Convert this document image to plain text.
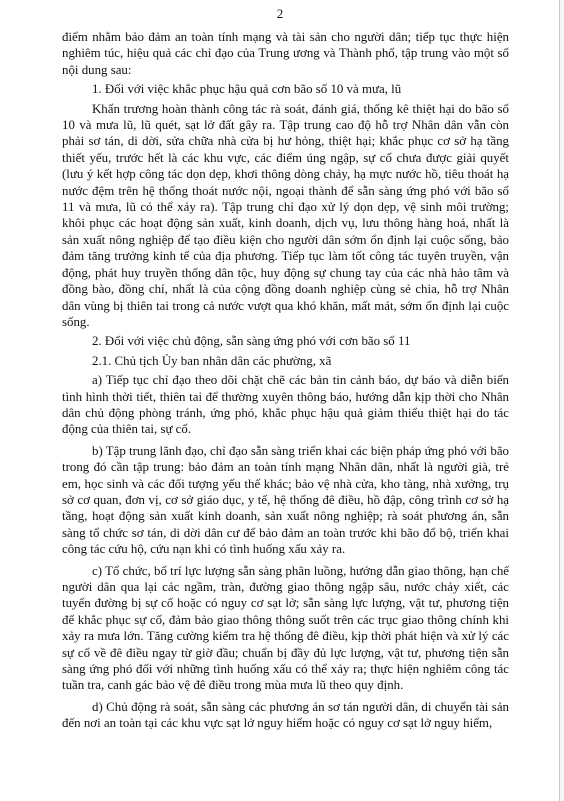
2

điểm nhằm bảo đảm an toàn tính mạng và tài sản cho người dân; tiếp tục thực hiện nghiêm túc, hiệu quả các chỉ đạo của Trung ương và Thành phố, tập trung vào một số nội dung sau:

1. Đối với việc khắc phục hậu quả cơn bão số 10 và mưa, lũ

Khẩn trương hoàn thành công tác rà soát, đánh giá, thống kê thiệt hại do bão số 10 và mưa lũ, lũ quét, sạt lở đất gây ra. Tập trung cao độ hỗ trợ Nhân dân vẫn còn phải sơ tán, di dời, sửa chữa nhà cửa bị hư hỏng, thiệt hại; khắc phục cơ sở hạ tầng thiết yếu, trước hết là các khu vực, các điểm úng ngập, sự cố chưa được giải quyết (lưu ý kết hợp công tác dọn dẹp, khơi thông dòng chảy, hạ mực nước hồ, tiêu thoát hạ nước đệm trên hệ thống thoát nước nội, ngoại thành để sẵn sàng ứng phó với bão số 11 và mưa, lũ có thể xảy ra). Tập trung chỉ đạo xử lý dọn dẹp, vệ sinh môi trường; khôi phục các hoạt động sản xuất, kinh doanh, dịch vụ, lưu thông hàng hoá, nhất là sản xuất nông nghiệp để tạo điều kiện cho người dân sớm ổn định lại cuộc sống, bảo đảm tăng trưởng kinh tế của địa phương. Tiếp tục làm tốt công tác tuyên truyền, vận động, phát huy truyền thống dân tộc, huy động sự chung tay của các nhà hảo tâm và đồng bào, đồng chí, nhất là của cộng đồng doanh nghiệp cùng sẻ chia, hỗ trợ Nhân dân vùng bị thiên tai trong cả nước vượt qua khó khăn, mất mát, sớm ổn định lại cuộc sống.

2. Đối với việc chủ động, sẵn sàng ứng phó với cơn bão số 11

2.1. Chủ tịch Ủy ban nhân dân các phường, xã

a) Tiếp tục chỉ đạo theo dõi chặt chẽ các bản tin cảnh báo, dự báo và diễn biến tình hình thời tiết, thiên tai để thường xuyên thông báo, hướng dẫn kịp thời cho Nhân dân chủ động phòng tránh, ứng phó, khắc phục hậu quả giảm thiểu thiệt hại do tác động của thiên tai, sự cố.

b) Tập trung lãnh đạo, chỉ đạo sẵn sàng triển khai các biện pháp ứng phó với bão trong đó cần tập trung: bảo đảm an toàn tính mạng Nhân dân, nhất là người già, trẻ em, học sinh và các đối tượng yếu thế khác; bảo vệ nhà cửa, kho tàng, nhà xưởng, trụ sở cơ quan, đơn vị, cơ sở giáo dục, y tế, hệ thống đê điều, hồ đập, công trình cơ sở hạ tầng, hoạt động sản xuất kinh doanh, sản xuất nông nghiệp; rà soát phương án, sẵn sàng tổ chức sơ tán, di dời dân cư để bảo đảm an toàn trước khi bão đổ bộ, triển khai công tác cứu hộ, cứu nạn khi có tình huống xấu xảy ra.

c) Tổ chức, bố trí lực lượng sẵn sàng phân luồng, hướng dẫn giao thông, hạn chế người dân qua lại các ngầm, tràn, đường giao thông ngập sâu, nước chảy xiết, các tuyến đường bị sự cố hoặc có nguy cơ sạt lở; sẵn sàng lực lượng, vật tư, phương tiện để khắc phục sự cố, đảm bảo giao thông thông suốt trên các trục giao thông chính khi xảy ra mưa lớn. Tăng cường kiểm tra hệ thống đê điều, kịp thời phát hiện và xử lý các sự cố về đê điều ngay từ giờ đầu; chuẩn bị đầy đủ lực lượng, vật tư, phương tiện sẵn sàng ứng phó đối với những tình huống xấu có thể xảy ra; thực hiện nghiêm công tác tuần tra, canh gác bảo vệ đê điều trong mùa mưa lũ theo quy định.

d) Chủ động rà soát, sẵn sàng các phương án sơ tán người dân, di chuyển tài sản đến nơi an toàn tại các khu vực sạt lở nguy hiểm hoặc có nguy cơ sạt lở nguy hiểm,
